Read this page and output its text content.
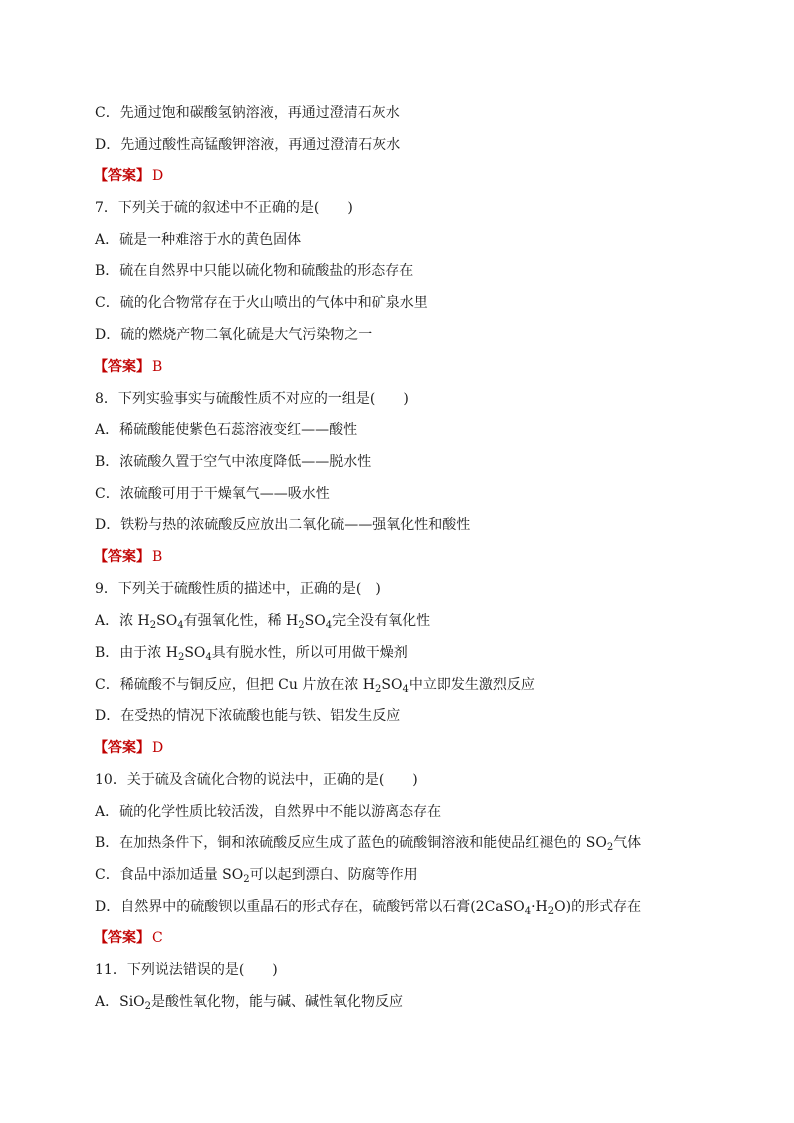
C．先通过饱和碳酸氢钠溶液，再通过澄清石灰水
D．先通过酸性高锰酸钾溶液，再通过澄清石灰水
【答案】 D
7．下列关于硫的叙述中不正确的是(　　)
A．硫是一种难溶于水的黄色固体
B．硫在自然界中只能以硫化物和硫酸盐的形态存在
C．硫的化合物常存在于火山喷出的气体中和矿泉水里
D．硫的燃烧产物二氧化硫是大气污染物之一
【答案】 B
8．下列实验事实与硫酸性质不对应的一组是(　　)
A．稀硫酸能使紫色石蕊溶液变红——酸性
B．浓硫酸久置于空气中浓度降低——脱水性
C．浓硫酸可用于干燥氧气——吸水性
D．铁粉与热的浓硫酸反应放出二氧化硫——强氧化性和酸性
【答案】 B
9．下列关于硫酸性质的描述中，正确的是(　)
A．浓 $H_2SO_4$有强氧化性，稀 $H_2SO_4$完全没有氧化性
B．由于浓 $H_2SO_4$具有脱水性，所以可用做干燥剂
C．稀硫酸不与铜反应，但把 Cu 片放在浓 $H_2SO_4$中立即发生激烈反应
D．在受热的情况下浓硫酸也能与铁、铝发生反应
【答案】 D
10．关于硫及含硫化合物的说法中，正确的是(　　)
A．硫的化学性质比较活泼，自然界中不能以游离态存在
B．在加热条件下，铜和浓硫酸反应生成了蓝色的硫酸铜溶液和能使品红褪色的 $SO_2$气体
C．食品中添加适量 $SO_2$可以起到漂白、防腐等作用
D．自然界中的硫酸钡以重晶石的形式存在，硫酸钙常以石膏$(2CaSO_4\cdot H_2O)$的形式存在
【答案】 C
11．下列说法错误的是(　　)
A．SiO$_2$是酸性氧化物，能与碱、碱性氧化物反应
